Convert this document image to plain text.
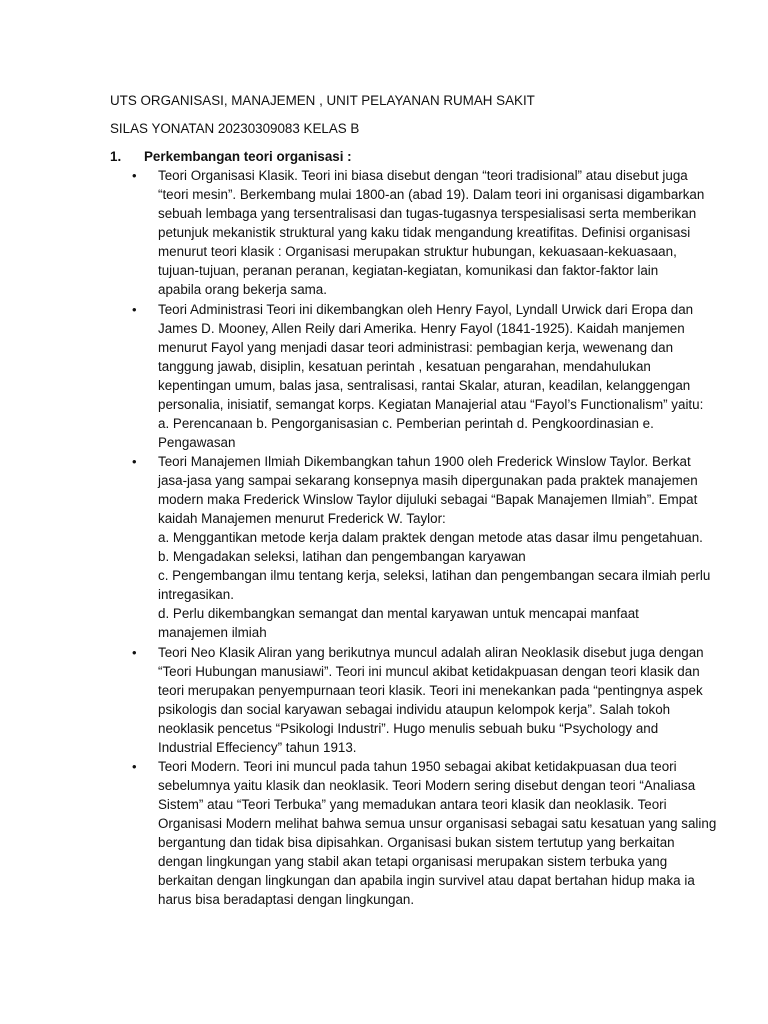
UTS ORGANISASI, MANAJEMEN , UNIT PELAYANAN RUMAH SAKIT

SILAS YONATAN 20230309083 KELAS B

1.	Perkembangan teori organisasi :
•	Teori Organisasi Klasik. Teori ini biasa disebut dengan “teori tradisional” atau disebut juga
“teori mesin”. Berkembang mulai 1800-an (abad 19). Dalam teori ini organisasi digambarkan
sebuah lembaga yang tersentralisasi dan tugas-tugasnya terspesialisasi serta memberikan
petunjuk mekanistik struktural yang kaku tidak mengandung kreatifitas. Definisi organisasi
menurut teori klasik : Organisasi merupakan struktur hubungan, kekuasaan-kekuasaan,
tujuan-tujuan, peranan peranan, kegiatan-kegiatan, komunikasi dan faktor-faktor lain
apabila orang bekerja sama.
•	Teori Administrasi Teori ini dikembangkan oleh Henry Fayol, Lyndall Urwick dari Eropa dan
James D. Mooney, Allen Reily dari Amerika. Henry Fayol (1841-1925). Kaidah manjemen
menurut Fayol yang menjadi dasar teori administrasi: pembagian kerja, wewenang dan
tanggung jawab, disiplin, kesatuan perintah , kesatuan pengarahan, mendahulukan
kepentingan umum, balas jasa, sentralisasi, rantai Skalar, aturan, keadilan, kelanggengan
personalia, inisiatif, semangat korps. Kegiatan Manajerial atau “Fayol’s Functionalism” yaitu:
a. Perencanaan b. Pengorganisasian c. Pemberian perintah d. Pengkoordinasian e.
Pengawasan
•	Teori Manajemen Ilmiah Dikembangkan tahun 1900 oleh Frederick Winslow Taylor. Berkat
jasa-jasa yang sampai sekarang konsepnya masih dipergunakan pada praktek manajemen
modern maka Frederick Winslow Taylor dijuluki sebagai “Bapak Manajemen Ilmiah”. Empat
kaidah Manajemen menurut Frederick W. Taylor:
a. Menggantikan metode kerja dalam praktek dengan metode atas dasar ilmu pengetahuan.
b. Mengadakan seleksi, latihan dan pengembangan karyawan
c. Pengembangan ilmu tentang kerja, seleksi, latihan dan pengembangan secara ilmiah perlu
intregasikan.
d. Perlu dikembangkan semangat dan mental karyawan untuk mencapai manfaat
manajemen ilmiah
•	Teori Neo Klasik Aliran yang berikutnya muncul adalah aliran Neoklasik disebut juga dengan
“Teori Hubungan manusiawi”. Teori ini muncul akibat ketidakpuasan dengan teori klasik dan
teori merupakan penyempurnaan teori klasik. Teori ini menekankan pada “pentingnya aspek
psikologis dan social karyawan sebagai individu ataupun kelompok kerja”. Salah tokoh
neoklasik pencetus “Psikologi Industri”. Hugo menulis sebuah buku “Psychology and
Industrial Effeciency” tahun 1913.
•	Teori Modern. Teori ini muncul pada tahun 1950 sebagai akibat ketidakpuasan dua teori
sebelumnya yaitu klasik dan neoklasik. Teori Modern sering disebut dengan teori “Analiasa
Sistem” atau “Teori Terbuka” yang memadukan antara teori klasik dan neoklasik. Teori
Organisasi Modern melihat bahwa semua unsur organisasi sebagai satu kesatuan yang saling
bergantung dan tidak bisa dipisahkan. Organisasi bukan sistem tertutup yang berkaitan
dengan lingkungan yang stabil akan tetapi organisasi merupakan sistem terbuka yang
berkaitan dengan lingkungan dan apabila ingin survivel atau dapat bertahan hidup maka ia
harus bisa beradaptasi dengan lingkungan.
